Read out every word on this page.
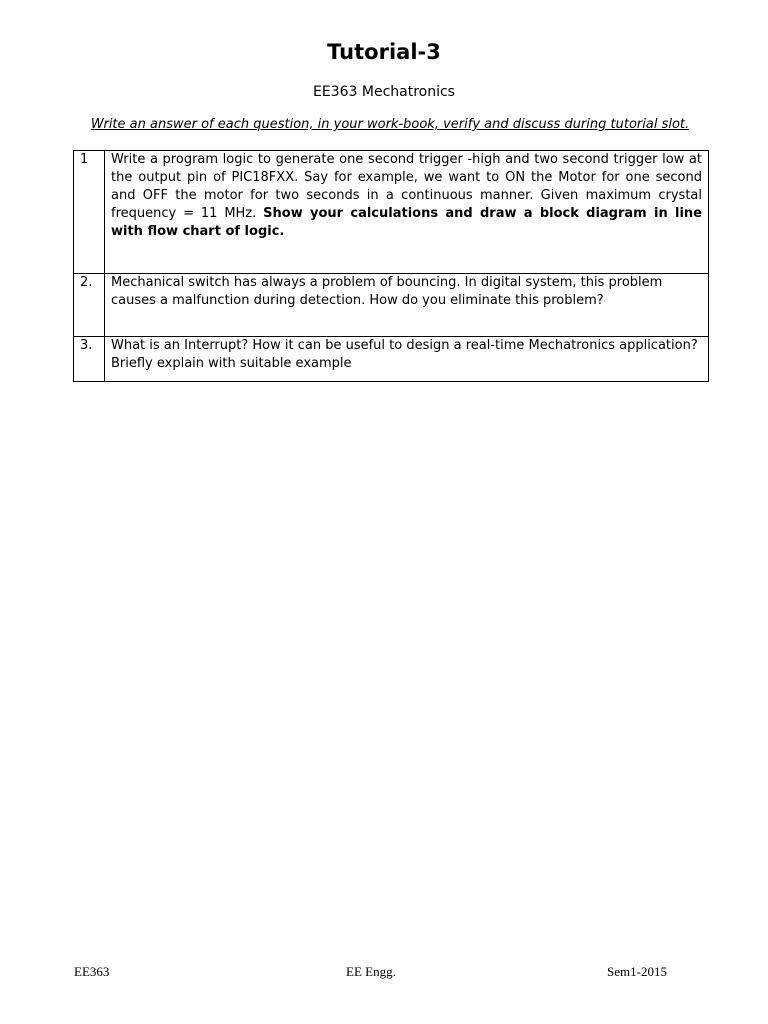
Tutorial-3
EE363 Mechatronics
Write an answer of each question, in your work-book, verify and discuss during tutorial slot.
1	Write a program logic to generate one second trigger -high and two second trigger low at the output pin of PIC18FXX. Say for example, we want to ON the Motor for one second and OFF the motor for two seconds in a continuous manner. Given maximum crystal frequency = 11 MHz. Show your calculations and draw a block diagram in line with flow chart of logic.
2.	Mechanical switch has always a problem of bouncing. In digital system, this problem causes a malfunction during detection. How do you eliminate this problem?
3.	What is an Interrupt? How it can be useful to design a real-time Mechatronics application? Briefly explain with suitable example
EE363	EE Engg.	Sem1-2015
